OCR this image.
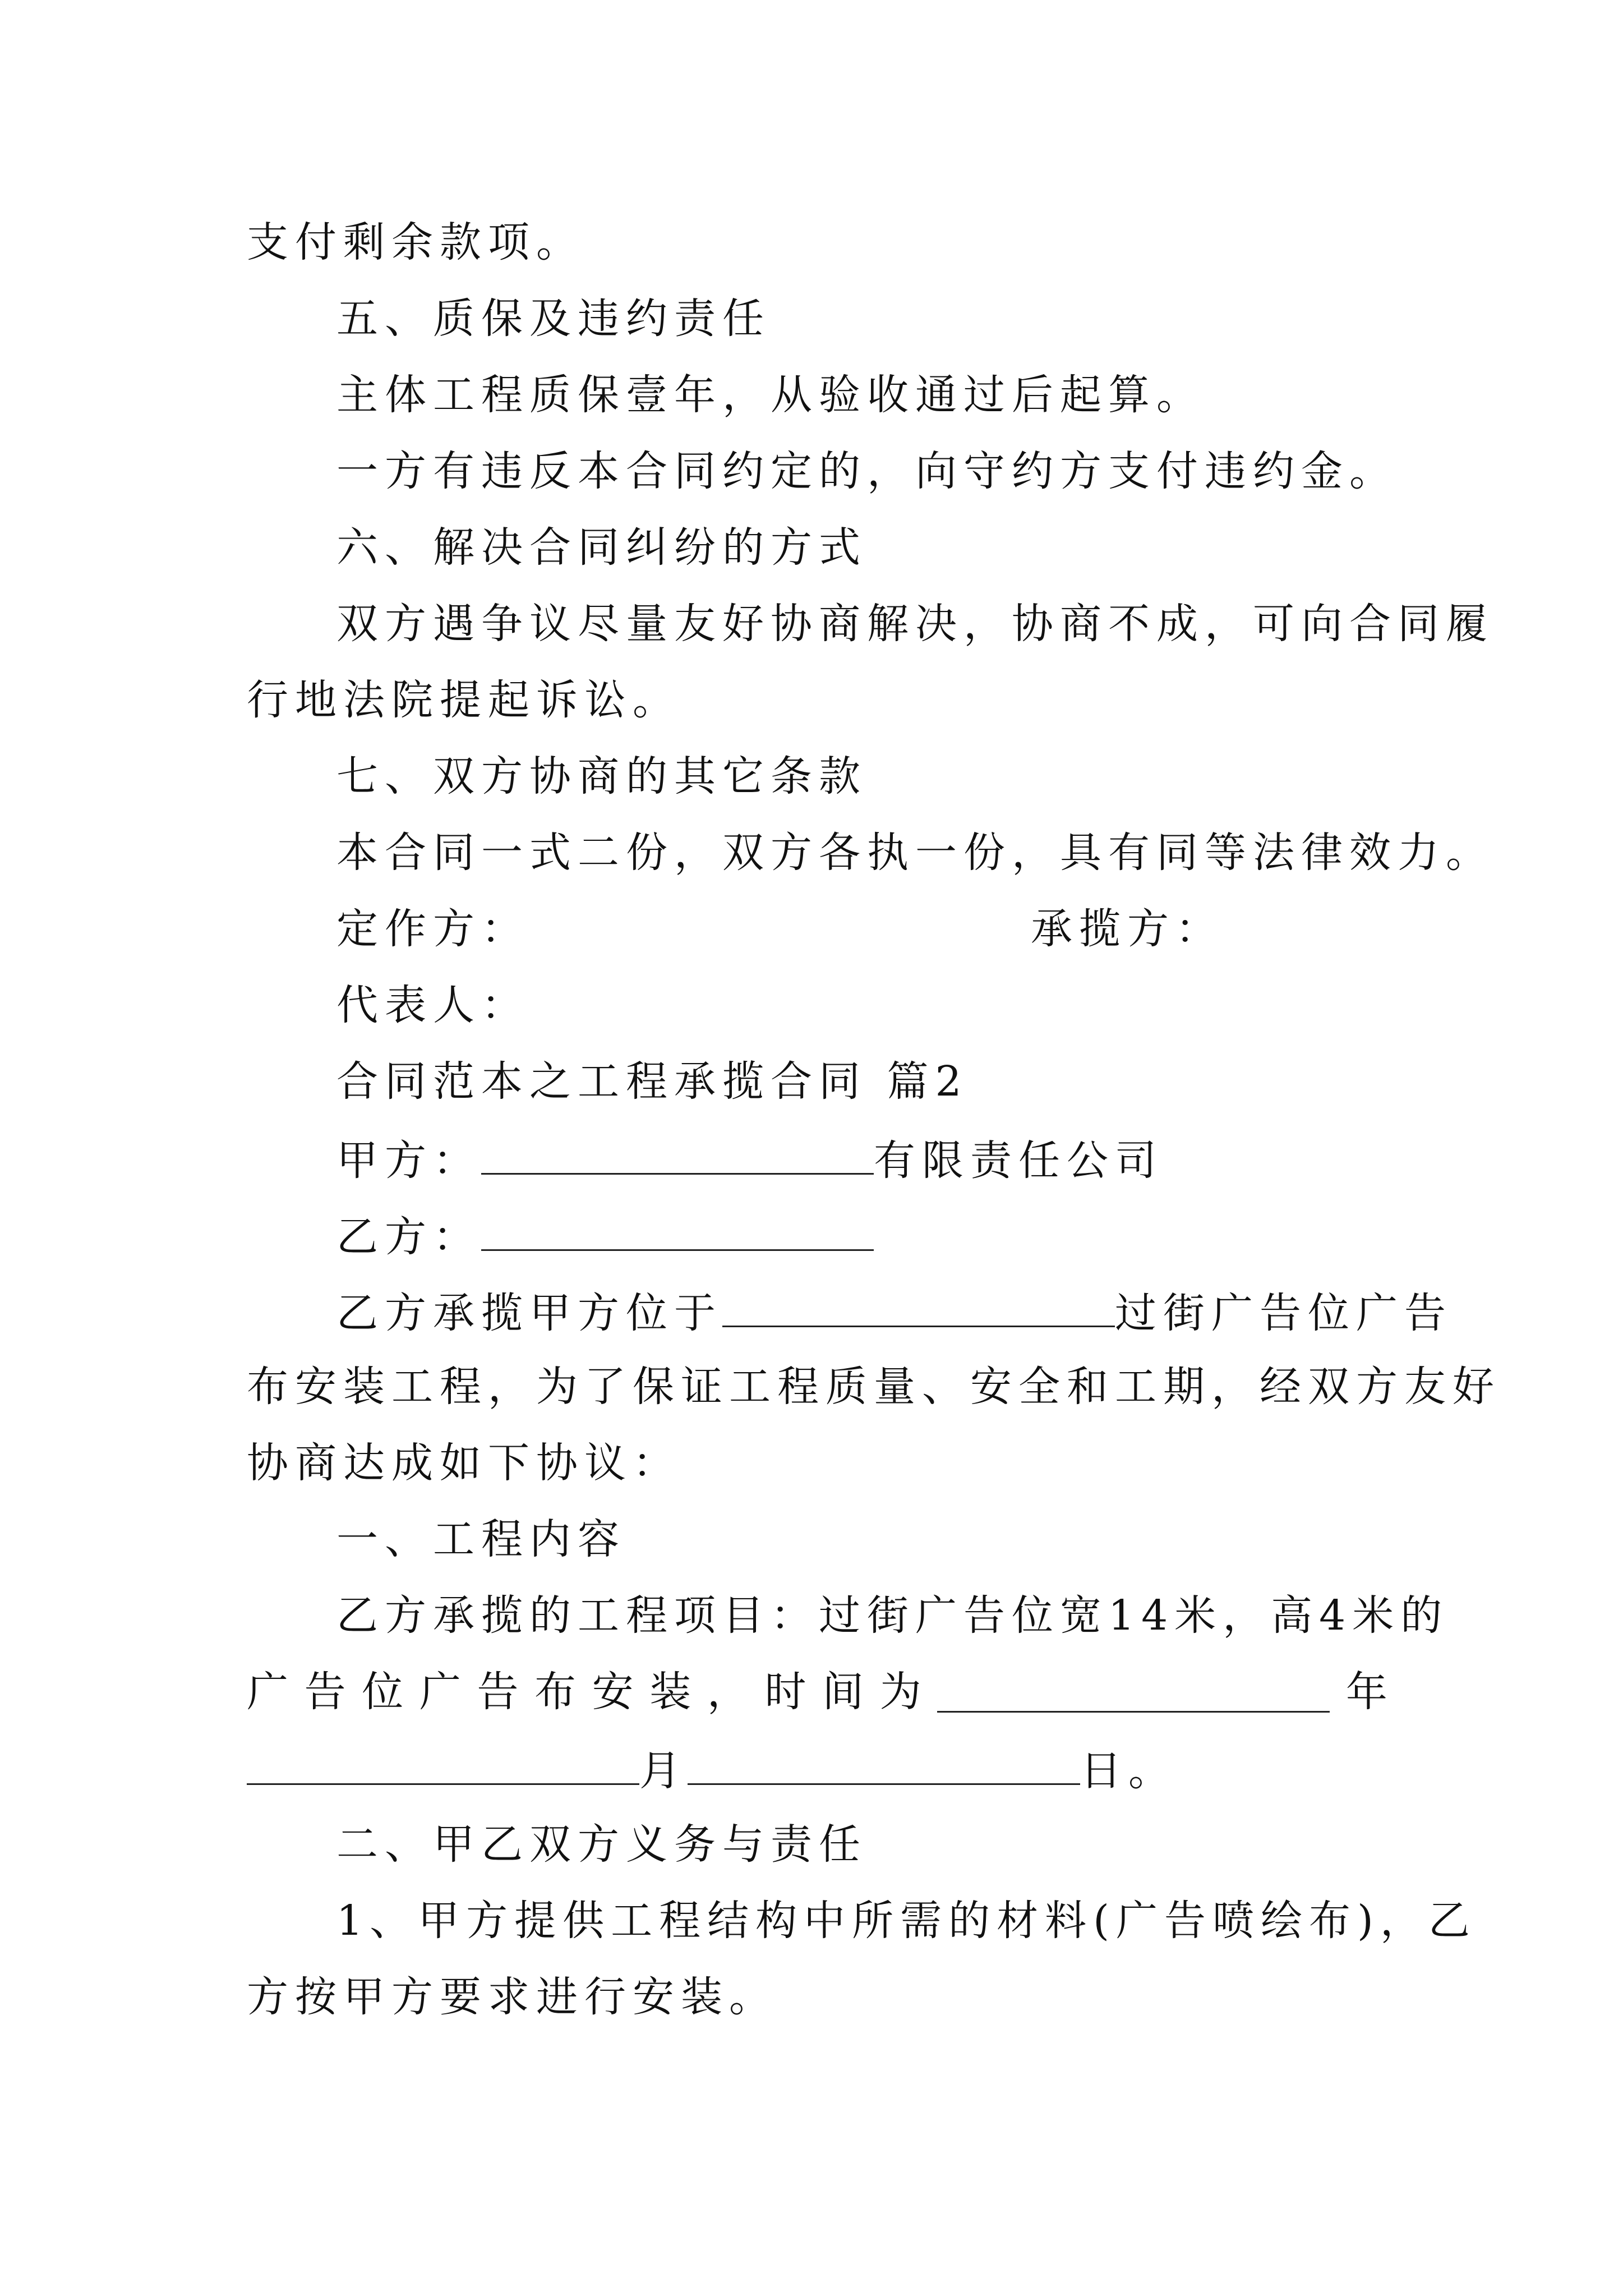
支付剩余款项。
五、质保及违约责任
主体工程质保壹年，从验收通过后起算。
一方有违反本合同约定的，向守约方支付违约金。
六、解决合同纠纷的方式
双方遇争议尽量友好协商解决，协商不成，可向合同履
行地法院提起诉讼。
七、双方协商的其它条款
本合同一式二份，双方各执一份，具有同等法律效力。
定作方：	承揽方：
代表人：
合同范本之工程承揽合同 篇2
甲方：	有限责任公司
乙方：
乙方承揽甲方位于	过街广告位广告
布安装工程，为了保证工程质量、安全和工期，经双方友好
协商达成如下协议：
一、工程内容
乙方承揽的工程项目：过街广告位宽14米，高4米的
广 告 位 广 告 布 安 装 ， 时 间 为	年
月	日。
二、甲乙双方义务与责任
1、甲方提供工程结构中所需的材料(广告喷绘布)，乙
方按甲方要求进行安装。
